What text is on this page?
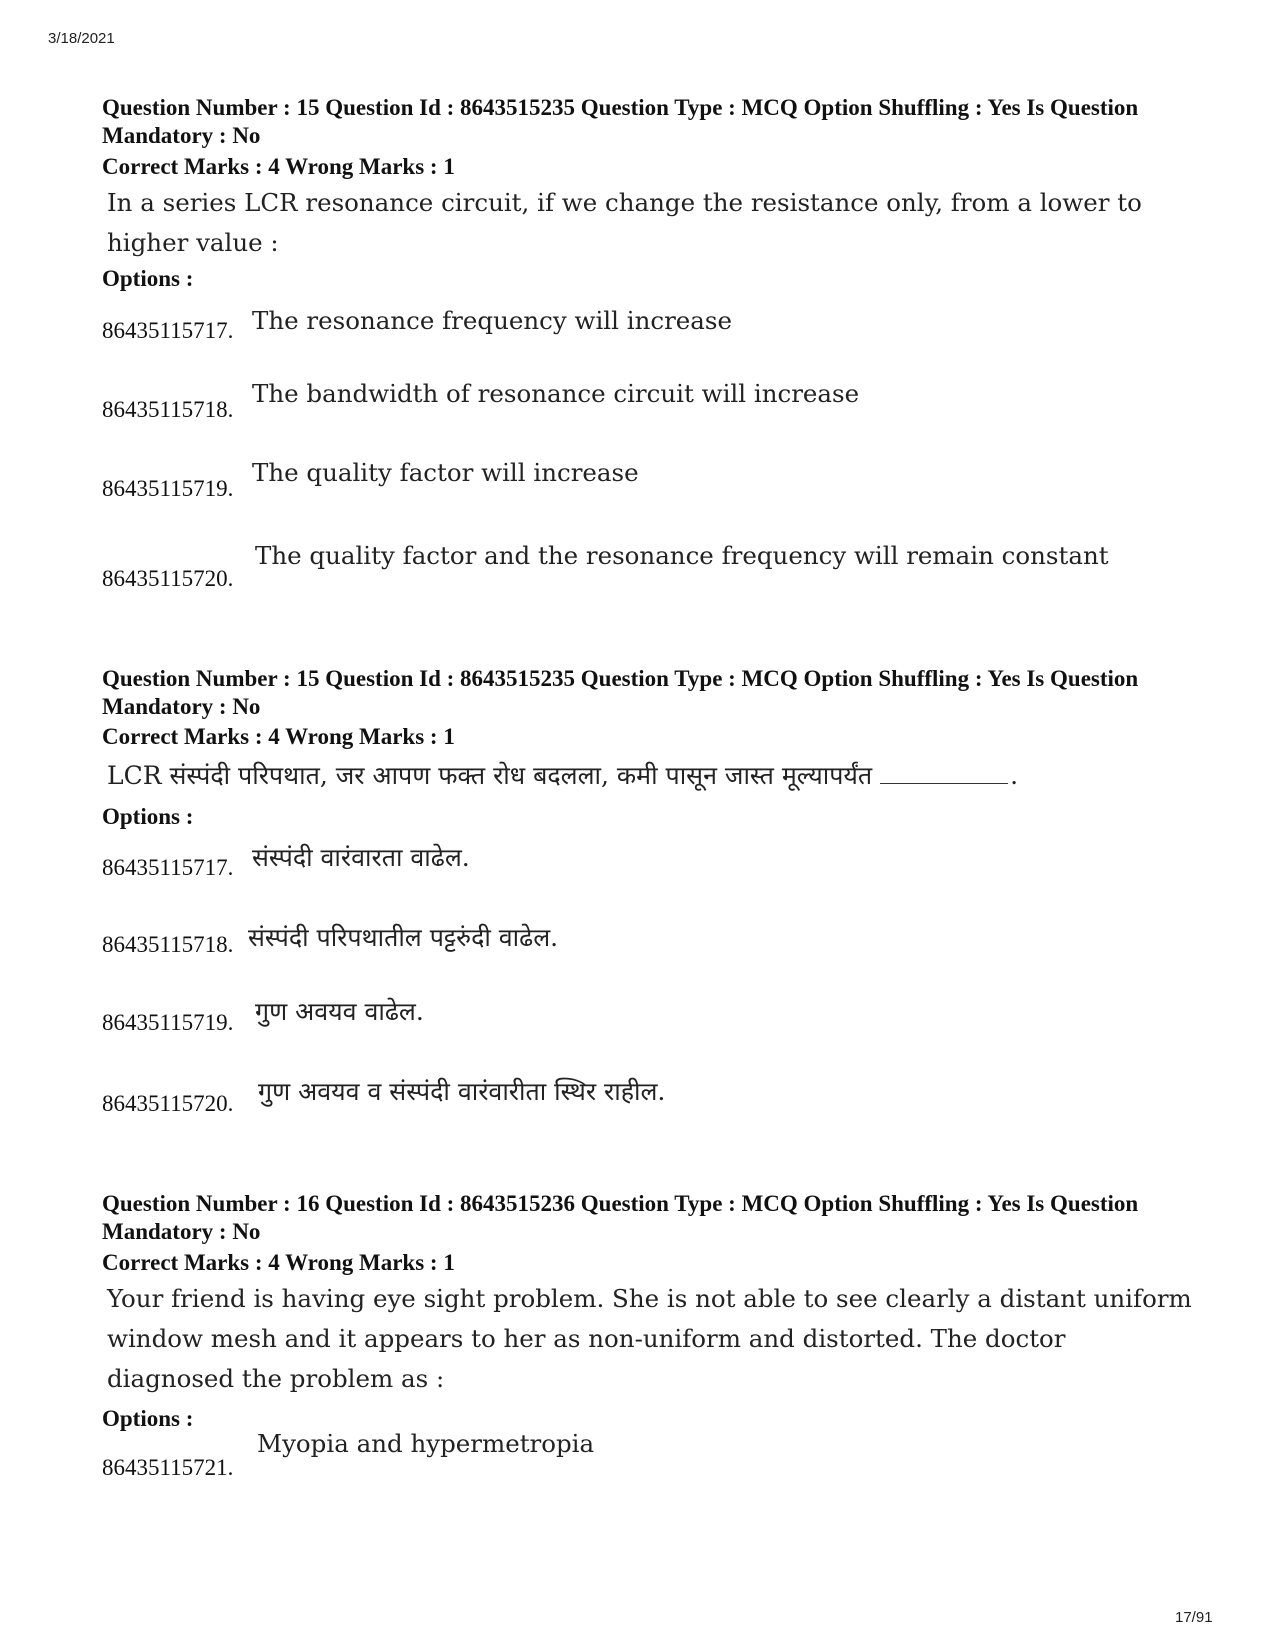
3/18/2021
Question Number : 15 Question Id : 8643515235 Question Type : MCQ Option Shuffling : Yes Is Question Mandatory : No
Correct Marks : 4 Wrong Marks : 1
In a series LCR resonance circuit, if we change the resistance only, from a lower to higher value :
Options :
86435115717. The resonance frequency will increase
86435115718.
The bandwidth of resonance circuit will increase
86435115719.
The quality factor will increase
86435115720.
The quality factor and the resonance frequency will remain constant
Question Number : 15 Question Id : 8643515235 Question Type : MCQ Option Shuffling : Yes Is Question Mandatory : No
Correct Marks : 4 Wrong Marks : 1
LCR संस्पंदी परिपथात, जर आपण फक्त रोध बदलला, कमी पासून जास्त मूल्यापर्यंत	.
Options :
86435115717. संस्पंदी वारंवारता वाढेल.
86435115718. संस्पंदी परिपथातील पट्टरुंदी वाढेल.
86435115719. गुण अवयव वाढेल.
86435115720. गुण अवयव व संस्पंदी वारंवारीता स्थिर राहील.
Question Number : 16 Question Id : 8643515236 Question Type : MCQ Option Shuffling : Yes Is Question Mandatory : No
Correct Marks : 4 Wrong Marks : 1
Your friend is having eye sight problem. She is not able to see clearly a distant uniform window mesh and it appears to her as non-uniform and distorted. The doctor diagnosed the problem as :
Options :
86435115721.
Myopia and hypermetropia
17/91
